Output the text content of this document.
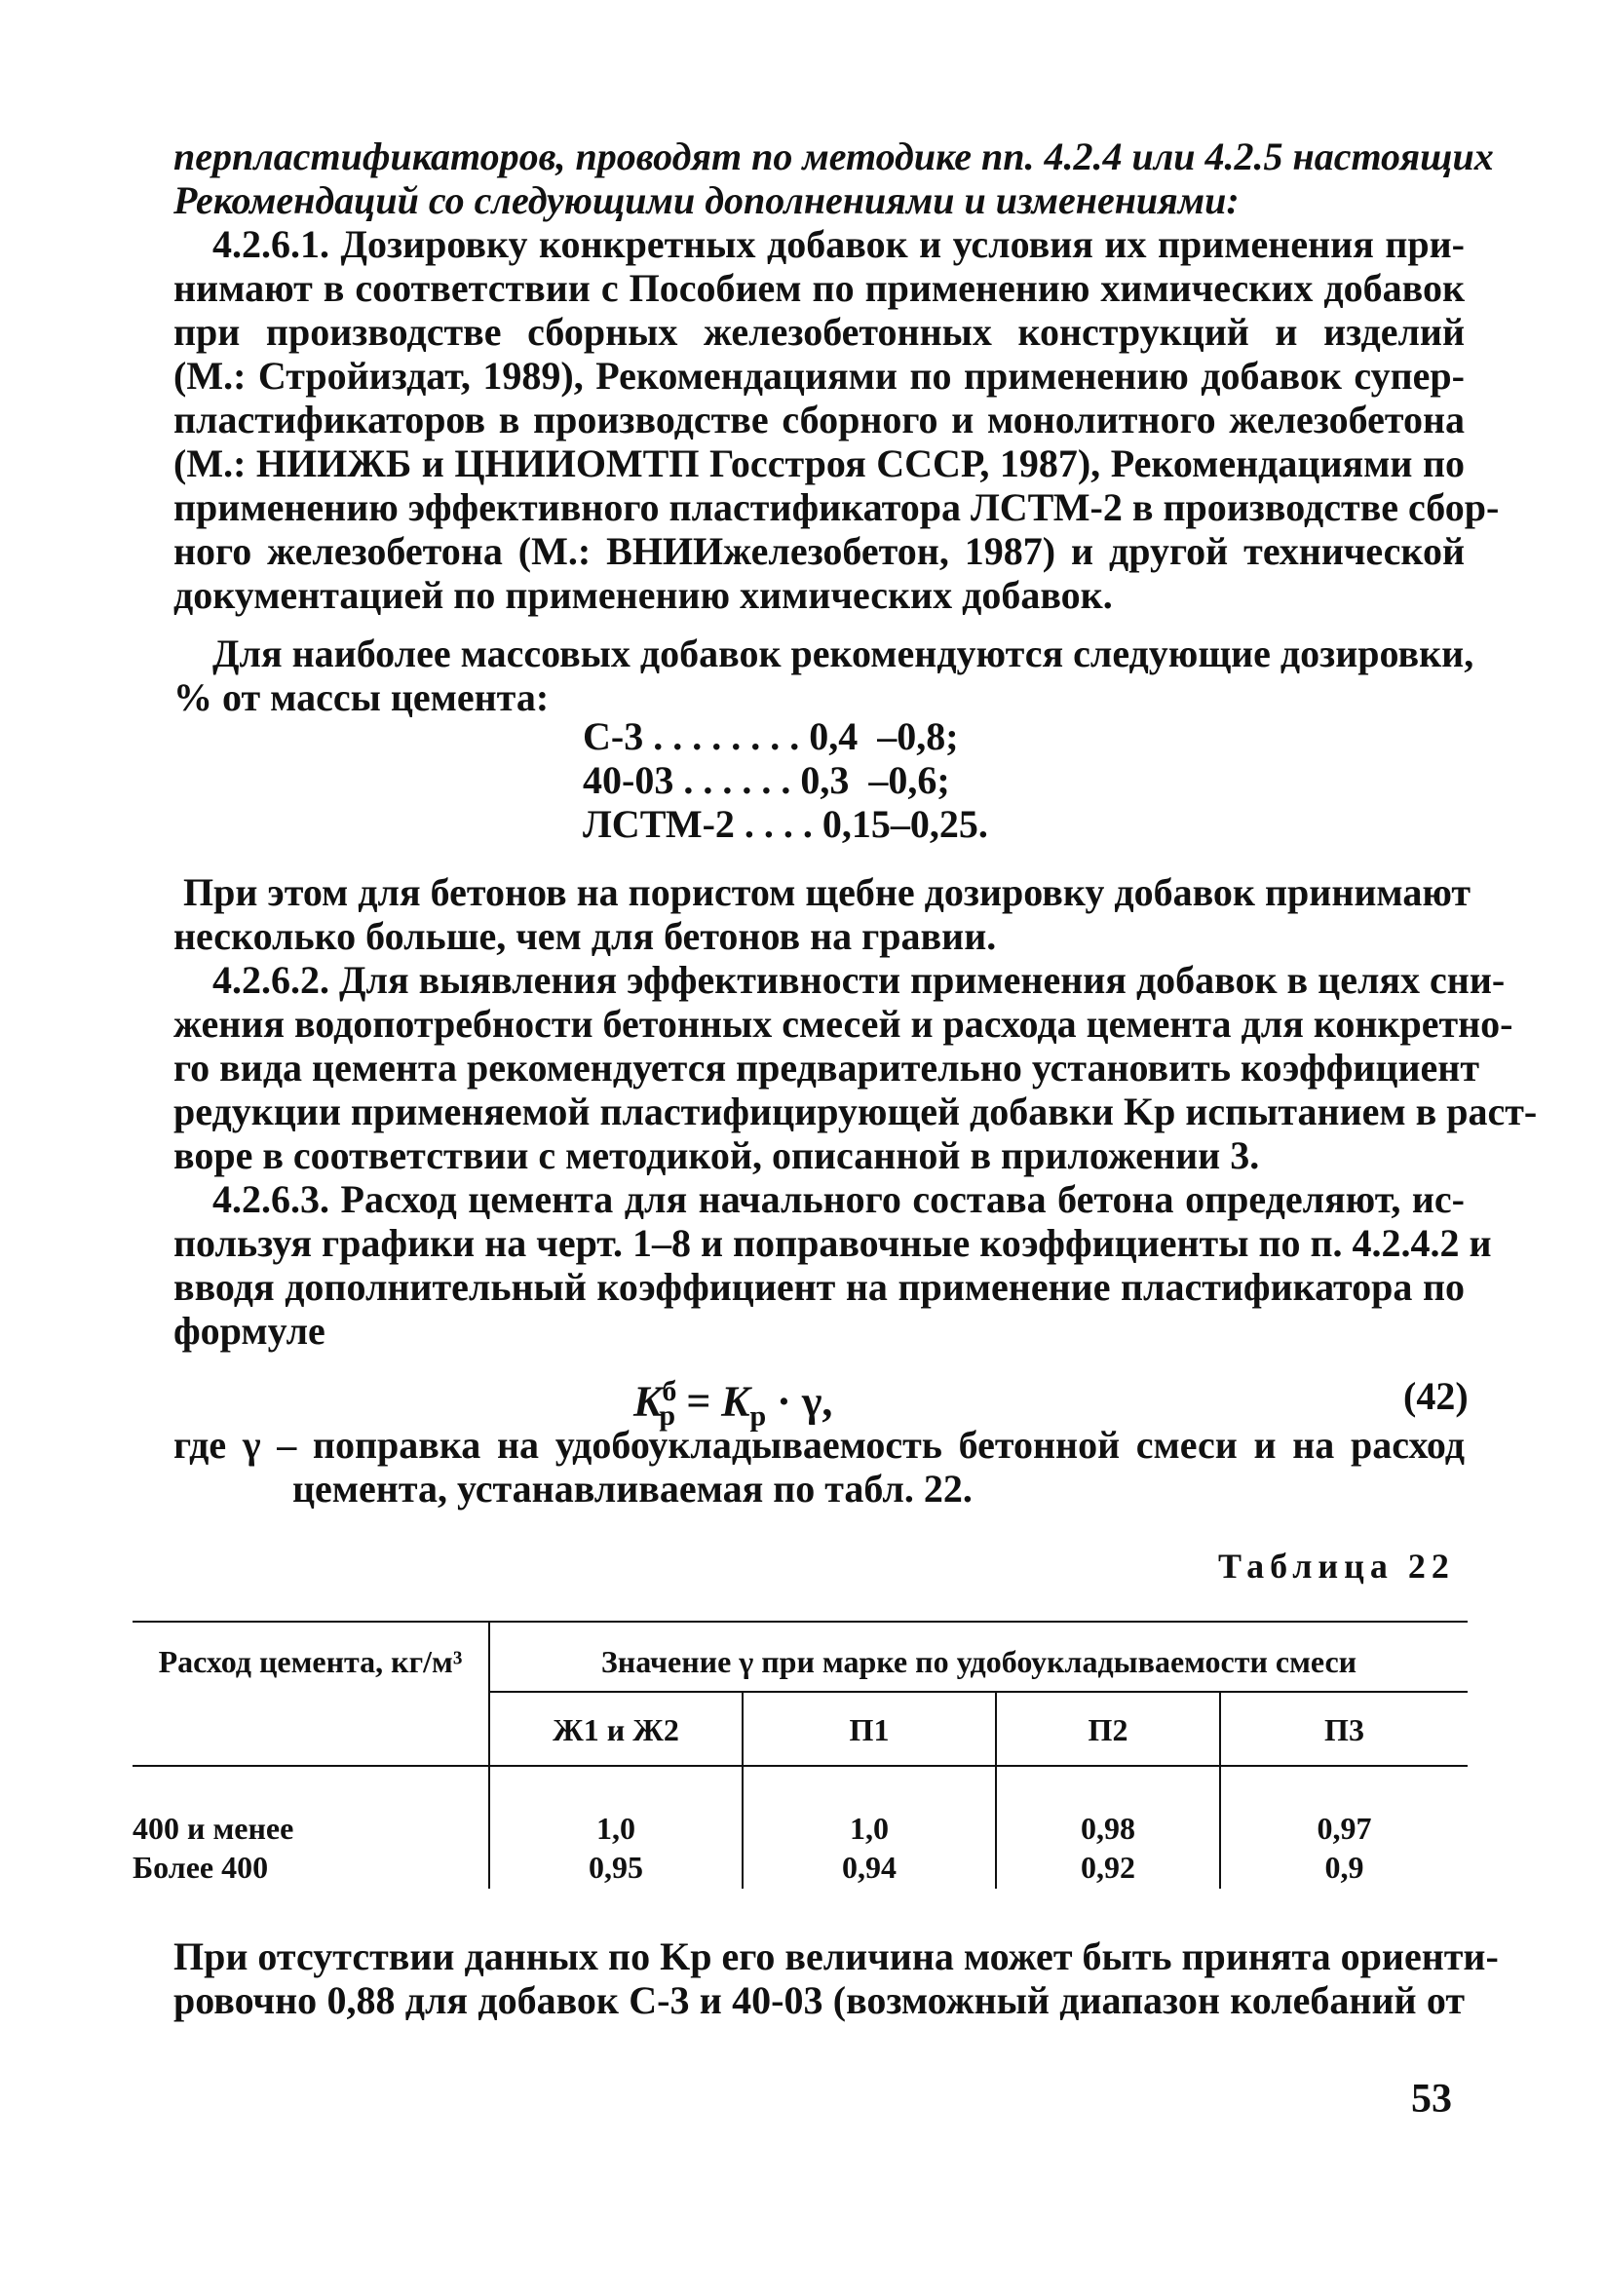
перпластификаторов, проводят по методике пп. 4.2.4 или 4.2.5 настоящих
Рекомендаций со следующими дополнениями и изменениями:
4.2.6.1. Дозировку конкретных добавок и условия их применения при-
нимают в соответствии с Пособием по применению химических добавок
при производстве сборных железобетонных конструкций и изделий
(М.: Стройиздат, 1989), Рекомендациями по применению добавок супер-
пластификаторов в производстве сборного и монолитного железобетона
(М.: НИИЖБ и ЦНИИОМТП Госстроя СССР, 1987), Рекомендациями по
применению эффективного пластификатора ЛСТМ-2 в производстве сбор-
ного железобетона (М.: ВНИИжелезобетон, 1987) и другой технической
документацией по применению химических добавок.
Для наиболее массовых добавок рекомендуются следующие дозировки,
% от массы цемента:
С-3 . . . . . . . . 0,4  –0,8;
40-03 . . . . . . 0,3  –0,6;
ЛСТМ-2 . . . . 0,15–0,25.
При этом для бетонов на пористом щебне дозировку добавок принимают
несколько больше, чем для бетонов на гравии.
4.2.6.2. Для выявления эффективности применения добавок в целях сни-
жения водопотребности бетонных смесей и расхода цемента для конкретно-
го вида цемента рекомендуется предварительно установить коэффициент
редукции применяемой пластифицирующей добавки Kр испытанием в раст-
воре в соответствии с методикой, описанной в приложении 3.
4.2.6.3. Расход цемента для начального состава бетона определяют, ис-
пользуя графики на черт. 1–8 и поправочные коэффициенты по п. 4.2.4.2 и
вводя дополнительный коэффициент на применение пластификатора по
формуле
$K^б_р = K_р \cdot \gamma$,	(42)
где γ – поправка на удобоукладываемость бетонной смеси и на расход
цемента, устанавливаемая по табл. 22.
Таблица 22
Расход цемента, кг/м³	Значение γ при марке по удобоукладываемости смеси
Ж1 и Ж2	П1	П2	П3
400 и менее	1,0	1,0	0,98	0,97
Более 400	0,95	0,94	0,92	0,9
При отсутствии данных по Kр его величина может быть принята ориенти-
ровочно 0,88 для добавок С-3 и 40-03 (возможный диапазон колебаний от
53
